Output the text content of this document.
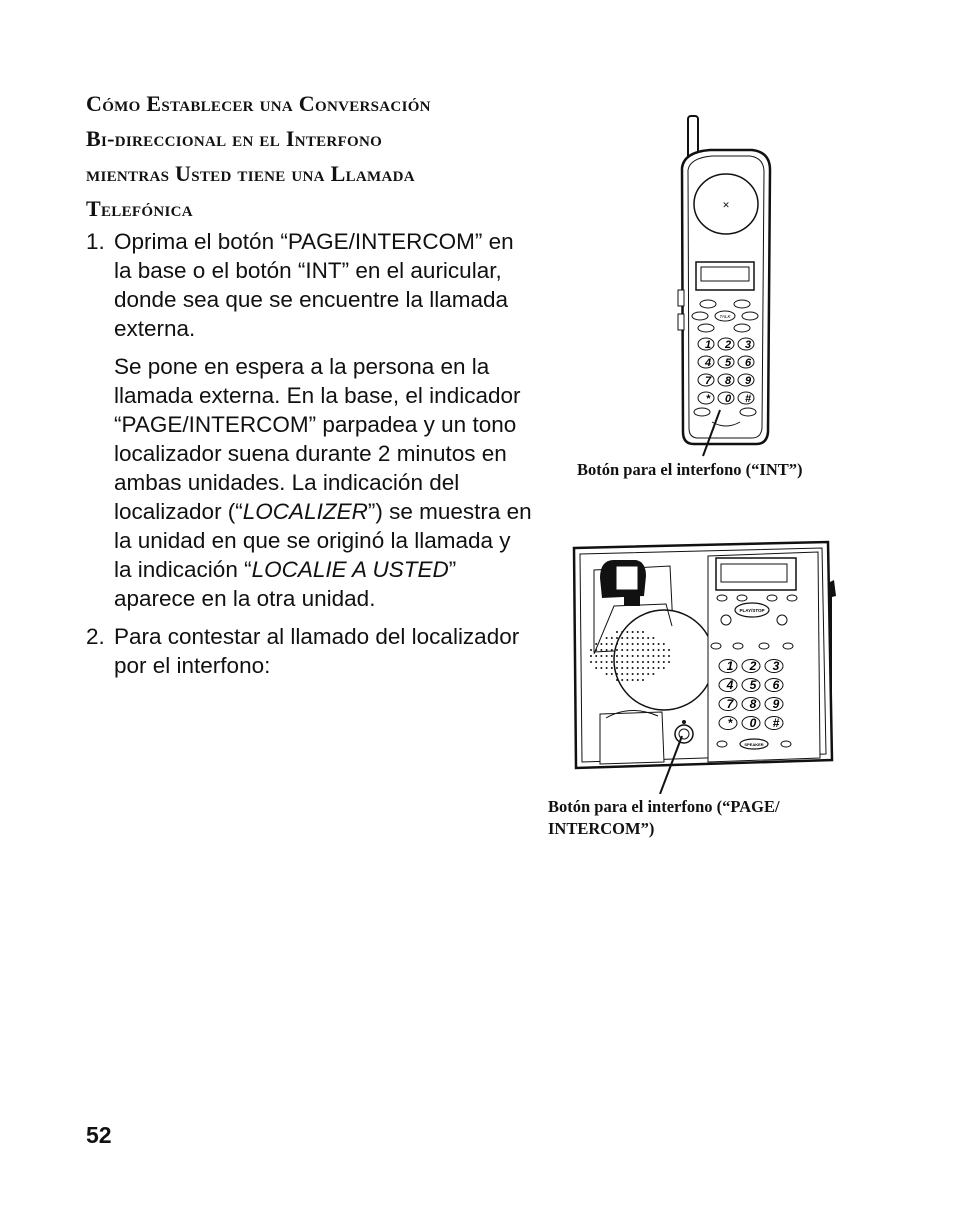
Cómo Establecer una Conversación
Bi-direccional en el Interfono
mientras Usted tiene una Llamada
Telefónica
1. Oprima el botón “PAGE/INTERCOM” en
la base o el botón “INT” en el auricular,
donde sea que se encuentre la llamada
externa.
Se pone en espera a la persona en la
llamada externa. En la base, el indicador
“PAGE/INTERCOM” parpadea y un tono
localizador suena durante 2 minutos en
ambas unidades. La indicación del
localizador (“LOCALIZER”) se muestra en
la unidad en que se originó la llamada y
la indicación “LOCALIE A USTED”
aparece en la otra unidad.
2. Para contestar al llamado del localizador
por el interfono:
✕
TALK
1 2 3
4 5 6
7 8 9
* 0 #
Botón para el interfono (“INT”)
PLAY/STOP
1 2 3
4 5 6
7 8 9
* 0 #
SPEAKER
Botón para el interfono (“PAGE/
INTERCOM”)
52
